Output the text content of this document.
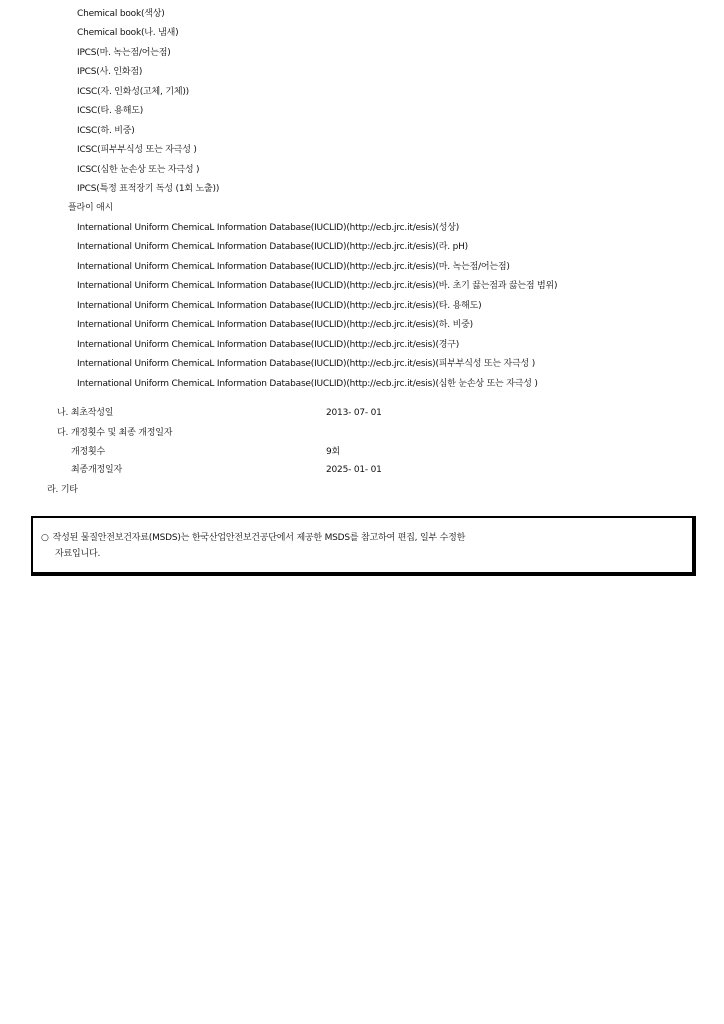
Chemical book(색상)
Chemical book(나. 냄새)
IPCS(마. 녹는점/어는점)
IPCS(사. 인화점)
ICSC(자. 인화성(고체, 기체))
ICSC(타. 용해도)
ICSC(하. 비중)
ICSC(피부부식성 또는 자극성 )
ICSC(심한 눈손상 또는 자극성 )
IPCS(특정 표적장기 독성 (1회 노출))
플라이 애시
International Uniform ChemicaL Information Database(IUCLID)(http://ecb.jrc.it/esis)(성상)
International Uniform ChemicaL Information Database(IUCLID)(http://ecb.jrc.it/esis)(라. pH)
International Uniform ChemicaL Information Database(IUCLID)(http://ecb.jrc.it/esis)(마. 녹는점/어는점)
International Uniform ChemicaL Information Database(IUCLID)(http://ecb.jrc.it/esis)(바. 초기 끓는점과 끓는점 범위)
International Uniform ChemicaL Information Database(IUCLID)(http://ecb.jrc.it/esis)(타. 용해도)
International Uniform ChemicaL Information Database(IUCLID)(http://ecb.jrc.it/esis)(하. 비중)
International Uniform ChemicaL Information Database(IUCLID)(http://ecb.jrc.it/esis)(경구)
International Uniform ChemicaL Information Database(IUCLID)(http://ecb.jrc.it/esis)(피부부식성 또는 자극성 )
International Uniform ChemicaL Information Database(IUCLID)(http://ecb.jrc.it/esis)(심한 눈손상 또는 자극성 )
나. 최초작성일	2013- 07- 01
다. 개정횟수 및 최종 개정일자
개정횟수	9회
최종개정일자	2025- 01- 01
라. 기타
○ 작성된 물질안전보건자료(MSDS)는 한국산업안전보건공단에서 제공한 MSDS를 참고하여 편집, 일부 수정한
자료입니다.
